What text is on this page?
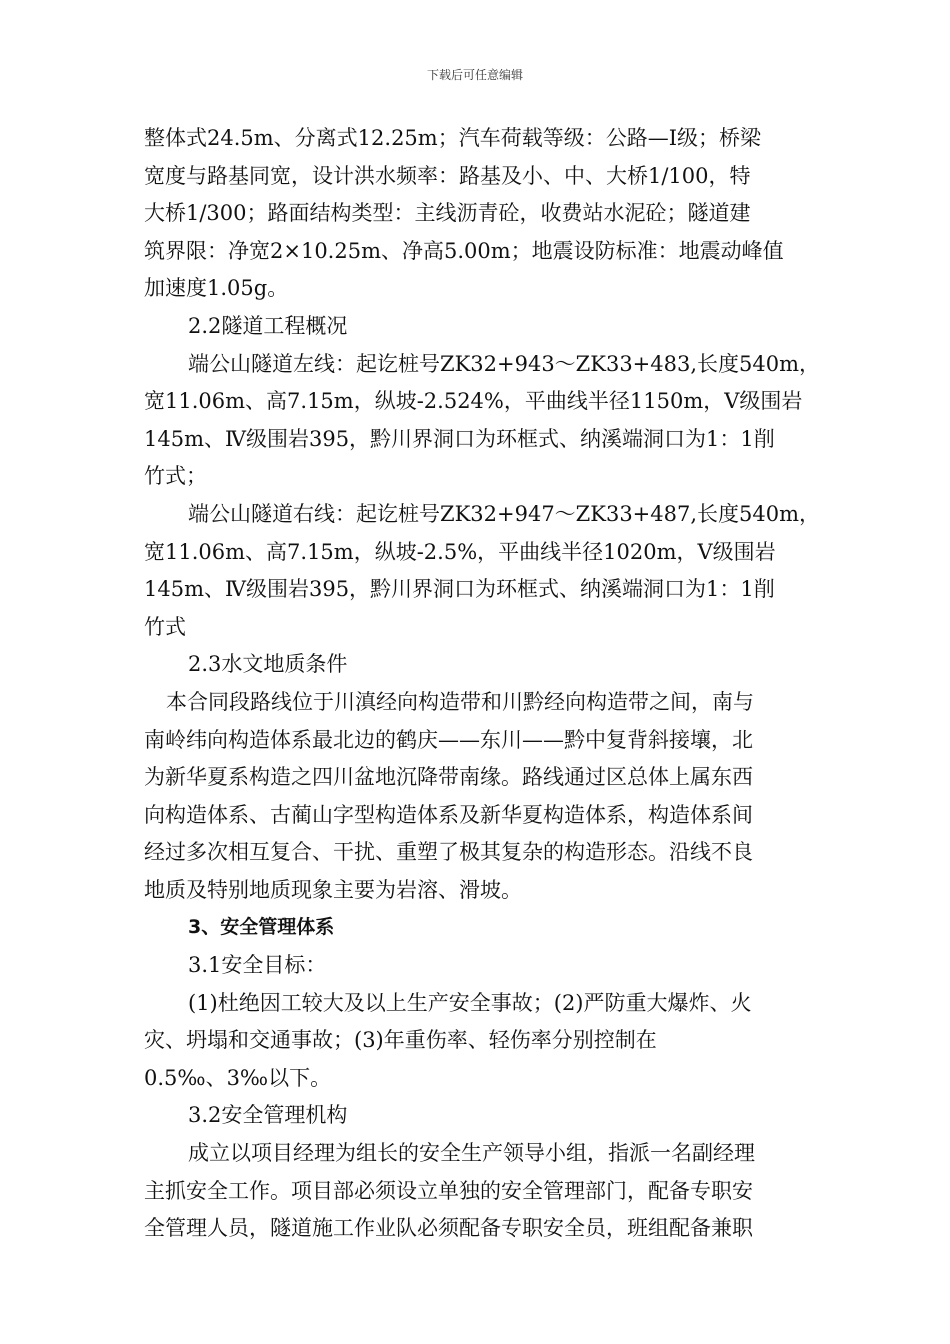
下载后可任意编辑
整体式24.5m、分离式12.25m；汽车荷载等级：公路—Ⅰ级；桥梁
宽度与路基同宽，设计洪水频率：路基及小、中、大桥1/100，特
大桥1/300；路面结构类型：主线沥青砼，收费站水泥砼；隧道建
筑界限：净宽2×10.25m、净高5.00m；地震设防标准：地震动峰值
加速度1.05g。
2.2隧道工程概况
端公山隧道左线：起讫桩号ZK32+943～ZK33+483,长度540m，
宽11.06m、高7.15m，纵坡-2.524%，平曲线半径1150m，Ⅴ级围岩
145m、Ⅳ级围岩395，黔川界洞口为环框式、纳溪端洞口为1：1削
竹式；
端公山隧道右线：起讫桩号ZK32+947～ZK33+487,长度540m，
宽11.06m、高7.15m，纵坡-2.5%，平曲线半径1020m，Ⅴ级围岩
145m、Ⅳ级围岩395，黔川界洞口为环框式、纳溪端洞口为1：1削
竹式
2.3水文地质条件
本合同段路线位于川滇经向构造带和川黔经向构造带之间，南与
南岭纬向构造体系最北边的鹤庆——东川——黔中复背斜接壤，北
为新华夏系构造之四川盆地沉降带南缘。路线通过区总体上属东西
向构造体系、古蔺山字型构造体系及新华夏构造体系，构造体系间
经过多次相互复合、干扰、重塑了极其复杂的构造形态。沿线不良
地质及特别地质现象主要为岩溶、滑坡。
3、安全管理体系
3.1安全目标：
(1)杜绝因工较大及以上生产安全事故；(2)严防重大爆炸、火
灾、坍塌和交通事故；(3)年重伤率、轻伤率分别控制在
0.5‰、3‰以下。
3.2安全管理机构
成立以项目经理为组长的安全生产领导小组，指派一名副经理
主抓安全工作。项目部必须设立单独的安全管理部门，配备专职安
全管理人员，隧道施工作业队必须配备专职安全员，班组配备兼职
